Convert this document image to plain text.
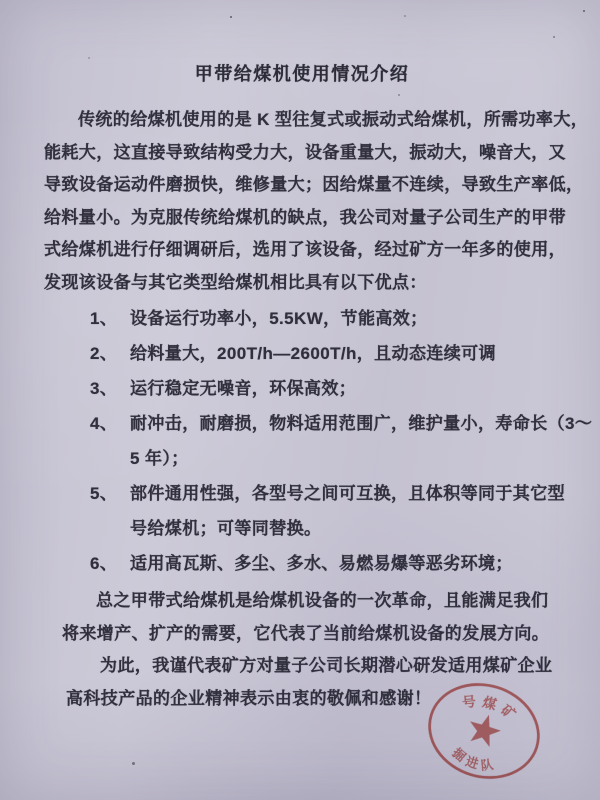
甲带给煤机使用情况介绍
传统的给煤机使用的是 K 型往复式或振动式给煤机，所需功率大，
能耗大，这直接导致结构受力大，设备重量大，振动大，噪音大，又
导致设备运动件磨损快，维修量大；因给煤量不连续，导致生产率低，
给料量小。为克服传统给煤机的缺点，我公司对量子公司生产的甲带
式给煤机进行仔细调研后，选用了该设备，经过矿方一年多的使用，
发现该设备与其它类型给煤机相比具有以下优点：
1、 设备运行功率小，5.5KW，节能高效；
2、 给料量大，200T/h—2600T/h，且动态连续可调
3、 运行稳定无噪音，环保高效；
4、 耐冲击，耐磨损，物料适用范围广，维护量小，寿命长（3～
5 年）；
5、 部件通用性强，各型号之间可互换，且体积等同于其它型
号给煤机；可等同替换。
6、 适用高瓦斯、多尘、多水、易燃易爆等恶劣环境；
总之甲带式给煤机是给煤机设备的一次革命，且能满足我们
将来增产、扩产的需要，它代表了当前给煤机设备的发展方向。
为此，我谨代表矿方对量子公司长期潜心研发适用煤矿企业
高科技产品的企业精神表示由衷的敬佩和感谢！	号煤矿
掘进队
